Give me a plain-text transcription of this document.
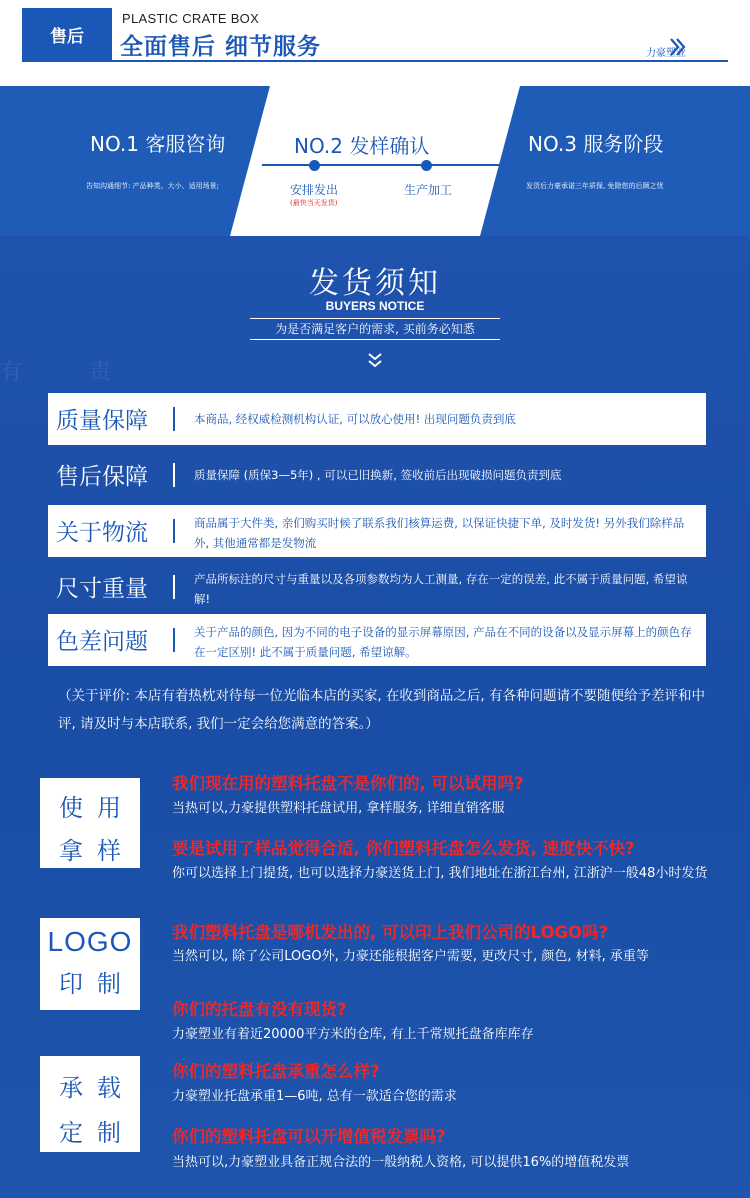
售后
PLASTIC CRATE BOX
全面售后 细节服务	力豪塑业
有 责
NO.1 客服咨询
告知沟通细节: 产品种类、大小、适用场景;
NO.2 发样确认
安排发出
(最快当天发货)
生产加工
NO.3 服务阶段
发货后力豪承诺三年质保, 免除您的后顾之忧
发货须知
BUYERS NOTICE
为是否满足客户的需求, 买前务必知悉
质量保障	本商品, 经权威检测机构认证, 可以放心使用! 出现问题负责到底
售后保障	质量保障 (质保3—5年) , 可以已旧换新, 签收前后出现破损问题负责到底
关于物流	商品属于大件类, 亲们购买时候了联系我们核算运费, 以保证快捷下单, 及时发货! 另外我们除样品外, 其他通常都是发物流
尺寸重量	产品所标注的尺寸与重量以及各项参数均为人工测量, 存在一定的误差, 此不属于质量问题, 希望谅解!
色差问题	关于产品的颜色, 因为不同的电子设备的显示屏幕原因, 产品在不同的设备以及显示屏幕上的颜色存在一定区别! 此不属于质量问题, 希望谅解。
（关于评价: 本店有着热枕对待每一位光临本店的买家, 在收到商品之后, 有各种问题请不要随便给予差评和中评, 请及时与本店联系, 我们一定会给您满意的答案。）
使用
拿样
LOGO
印制
承载
定制
我们现在用的塑料托盘不是你们的, 可以试用吗?
当热可以,力豪提供塑料托盘试用, 拿样服务, 详细直销客服
要是试用了样品觉得合适, 你们塑料托盘怎么发货, 速度快不快?
你可以选择上门提货, 也可以选择力豪送货上门, 我们地址在浙江台州, 江浙沪一般48小时发货
我们塑料托盘是哪机发出的, 可以印上我们公司的LOGO吗?
当然可以, 除了公司LOGO外, 力豪还能根据客户需要, 更改尺寸, 颜色, 材料, 承重等
你们的托盘有没有现货?
力豪塑业有着近20000平方米的仓库, 有上千常规托盘备库库存
你们的塑料托盘承重怎么样?
力豪塑业托盘承重1—6吨, 总有一款适合您的需求
你们的塑料托盘可以开增值税发票吗?
当热可以,力豪塑业具备正规合法的一般纳税人资格, 可以提供16%的增值税发票
